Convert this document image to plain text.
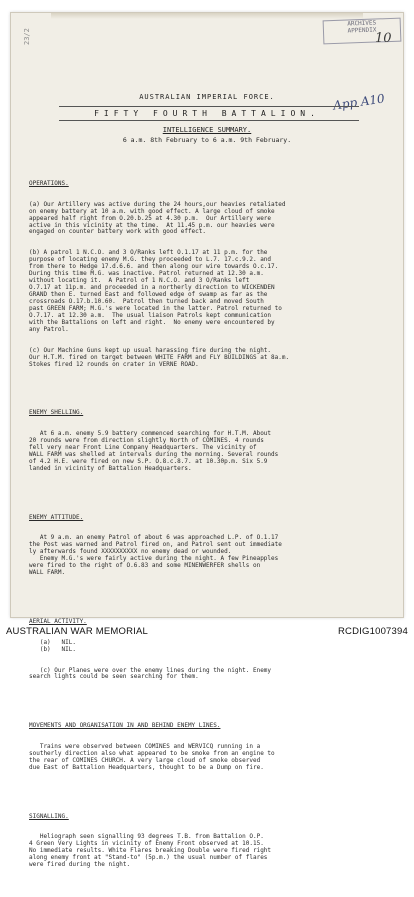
ARCHIVES
APPENDIX
10
23/2
App A10
AUSTRALIAN IMPERIAL FORCE.
FIFTY FOURTH BATTALION.
INTELLIGENCE SUMMARY.
6 a.m. 8th February to 6 a.m. 9th February.

OPERATIONS.

(a) Our Artillery was active during the 24 hours,our heavies retaliated
on enemy battery at 10 a.m. with good effect. A large cloud of smoke
appeared half right from O.20.b.25 at 4.30 p.m.  Our Artillery were
active in this vicinity at the time.  At 11.45 p.m. our heavies were
engaged on counter battery work with good effect.

(b) A patrol 1 N.C.O. and 3 O/Ranks left O.1.17 at 11 p.m. for the
purpose of locating enemy M.G. they proceeded to L.7. 17.c.9.2. and
from there to Hedge 17.d.6.6. and then along our wire towards O.c.17.
During this time M.G. was inactive. Patrol returned at 12.30 a.m.
without locating it.  A Patrol of 1 N.C.O. and 3 O/Ranks left
O.7.17 at 11p.m. and proceeded in a northerly direction to WICKENDEN
GRAND then E. turned East and followed edge of swamp as far as the
crossroads O.17.b.10.60.  Patrol then turned back and moved South
past GREEN FARM; M.G.'s were located in the latter. Patrol returned to
O.7.17. at 12.30 a.m.  The usual liaison Patrols kept communication
with the Battalions on left and right.  No enemy were encountered by
any Patrol.

(c) Our Machine Guns kept up usual harassing fire during the night.
Our H.T.M. fired on target between WHITE FARM and FLY BUILDINGS at 8a.m.
Stokes fired 12 rounds on crater in VERNE ROAD.

ENEMY SHELLING.

At 6 a.m. enemy 5.9 battery commenced searching for H.T.M. About
20 rounds were from direction slightly North of COMINES. 4 rounds
fell very near Front Line Company Headquarters. The vicinity of
WALL FARM was shelled at intervals during the morning. Several rounds
of 4.2 H.E. were fired on new S.P. O.8.c.8.7. at 10.30p.m. Six 5.9
landed in vicinity of Battalion Headquarters.

ENEMY ATTITUDE.

At 9 a.m. an enemy Patrol of about 6 was approached L.P. of O.1.17
the Post was warned and Patrol fired on, and Patrol sent out immediate
ly afterwards found XXXXXXXXXX no enemy dead or wounded.
Enemy M.G.'s were fairly active during the night. A few Pineapples
were fired to the right of O.6.83 and some MINENWERFER shells on
WALL FARM.

AERIAL ACTIVITY.

(a)   NIL.
(b)   NIL.

(c) Our Planes were over the enemy lines during the night. Enemy
search lights could be seen searching for them.

MOVEMENTS AND ORGANISATION IN AND BEHIND ENEMY LINES.

Trains were observed between COMINES and WERVICQ running in a
southerly direction also what appeared to be smoke from an engine to
the rear of COMINES CHURCH. A very large cloud of smoke observed
due East of Battalion Headquarters, thought to be a Dump on fire.

SIGNALLING.

Heliograph seen signalling 93 degrees T.B. from Battalion O.P.
4 Green Very Lights in vicinity of Enemy Front observed at 10.15.
No immediate results. White Flares breaking Double were fired right
along enemy front at "Stand-to" (5p.m.) the usual number of flares
were fired during the night.

AUSTRALIAN WAR MEMORIAL	RCDIG1007394
